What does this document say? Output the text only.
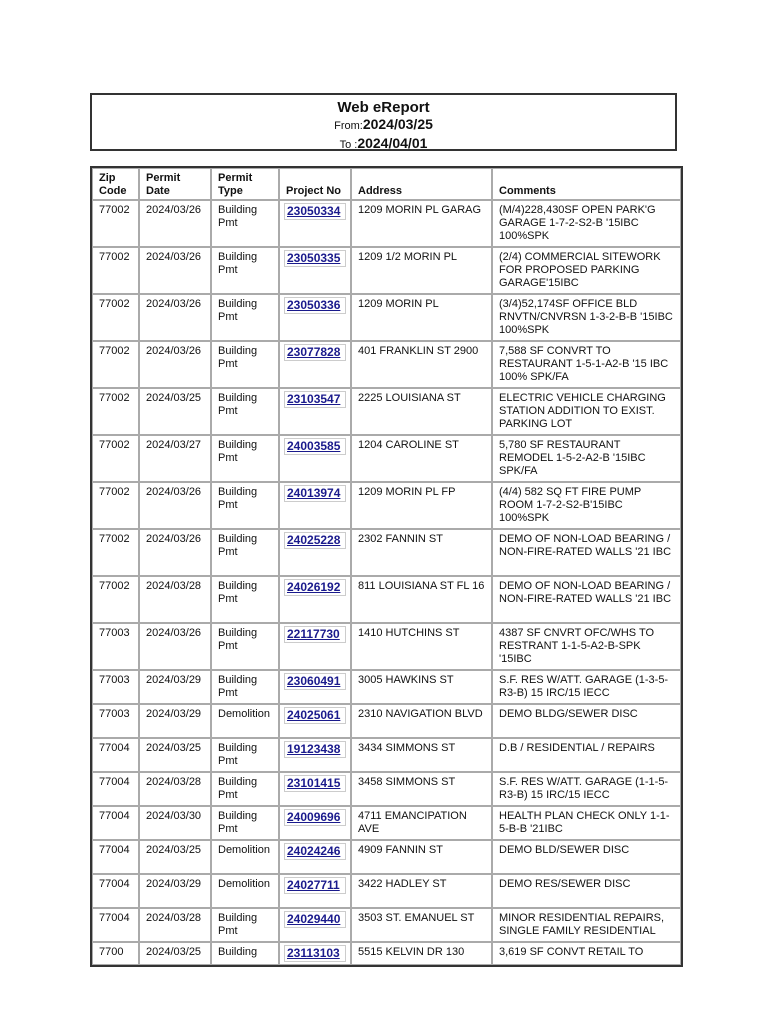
Web eReport
From:2024/03/25
To :2024/04/01
Zip Code	Permit Date	Permit Type	Project No	Address	Comments
77002	2024/03/26	Building Pmt	23050334	1209 MORIN PL GARAG	(M/4)228,430SF OPEN PARK'G GARAGE 1-7-2-S2-B '15IBC 100%SPK
77002	2024/03/26	Building Pmt	23050335	1209 1/2 MORIN PL	(2/4) COMMERCIAL SITEWORK FOR PROPOSED PARKING GARAGE'15IBC
77002	2024/03/26	Building Pmt	23050336	1209 MORIN PL	(3/4)52,174SF OFFICE BLD RNVTN/CNVRSN 1-3-2-B-B '15IBC 100%SPK
77002	2024/03/26	Building Pmt	23077828	401 FRANKLIN ST 2900	7,588 SF CONVRT TO RESTAURANT 1-5-1-A2-B '15 IBC 100% SPK/FA
77002	2024/03/25	Building Pmt	23103547	2225 LOUISIANA ST	ELECTRIC VEHICLE CHARGING STATION ADDITION TO EXIST. PARKING LOT
77002	2024/03/27	Building Pmt	24003585	1204 CAROLINE ST	5,780 SF RESTAURANT REMODEL 1-5-2-A2-B '15IBC SPK/FA
77002	2024/03/26	Building Pmt	24013974	1209 MORIN PL FP	(4/4) 582 SQ FT FIRE PUMP ROOM 1-7-2-S2-B'15IBC 100%SPK
77002	2024/03/26	Building Pmt	24025228	2302 FANNIN ST	DEMO OF NON-LOAD BEARING / NON-FIRE-RATED WALLS '21 IBC
77002	2024/03/28	Building Pmt	24026192	811 LOUISIANA ST FL 16	DEMO OF NON-LOAD BEARING / NON-FIRE-RATED WALLS '21 IBC
77003	2024/03/26	Building Pmt	22117730	1410 HUTCHINS ST	4387 SF CNVRT OFC/WHS TO RESTRANT 1-1-5-A2-B-SPK '15IBC
77003	2024/03/29	Building Pmt	23060491	3005 HAWKINS ST	S.F. RES W/ATT. GARAGE (1-3-5-R3-B) 15 IRC/15 IECC
77003	2024/03/29	Demolition	24025061	2310 NAVIGATION BLVD	DEMO BLDG/SEWER DISC
77004	2024/03/25	Building Pmt	19123438	3434 SIMMONS ST	D.B / RESIDENTIAL / REPAIRS
77004	2024/03/28	Building Pmt	23101415	3458 SIMMONS ST	S.F. RES W/ATT. GARAGE (1-1-5-R3-B) 15 IRC/15 IECC
77004	2024/03/30	Building Pmt	24009696	4711 EMANCIPATION AVE	HEALTH PLAN CHECK ONLY 1-1-5-B-B '21IBC
77004	2024/03/25	Demolition	24024246	4909 FANNIN ST	DEMO BLD/SEWER DISC
77004	2024/03/29	Demolition	24027711	3422 HADLEY ST	DEMO RES/SEWER DISC
77004	2024/03/28	Building Pmt	24029440	3503 ST. EMANUEL ST	MINOR RESIDENTIAL REPAIRS, SINGLE FAMILY RESIDENTIAL
7700	2024/03/25	Building	23113103	5515 KELVIN DR 130	3,619 SF CONVT RETAIL TO
